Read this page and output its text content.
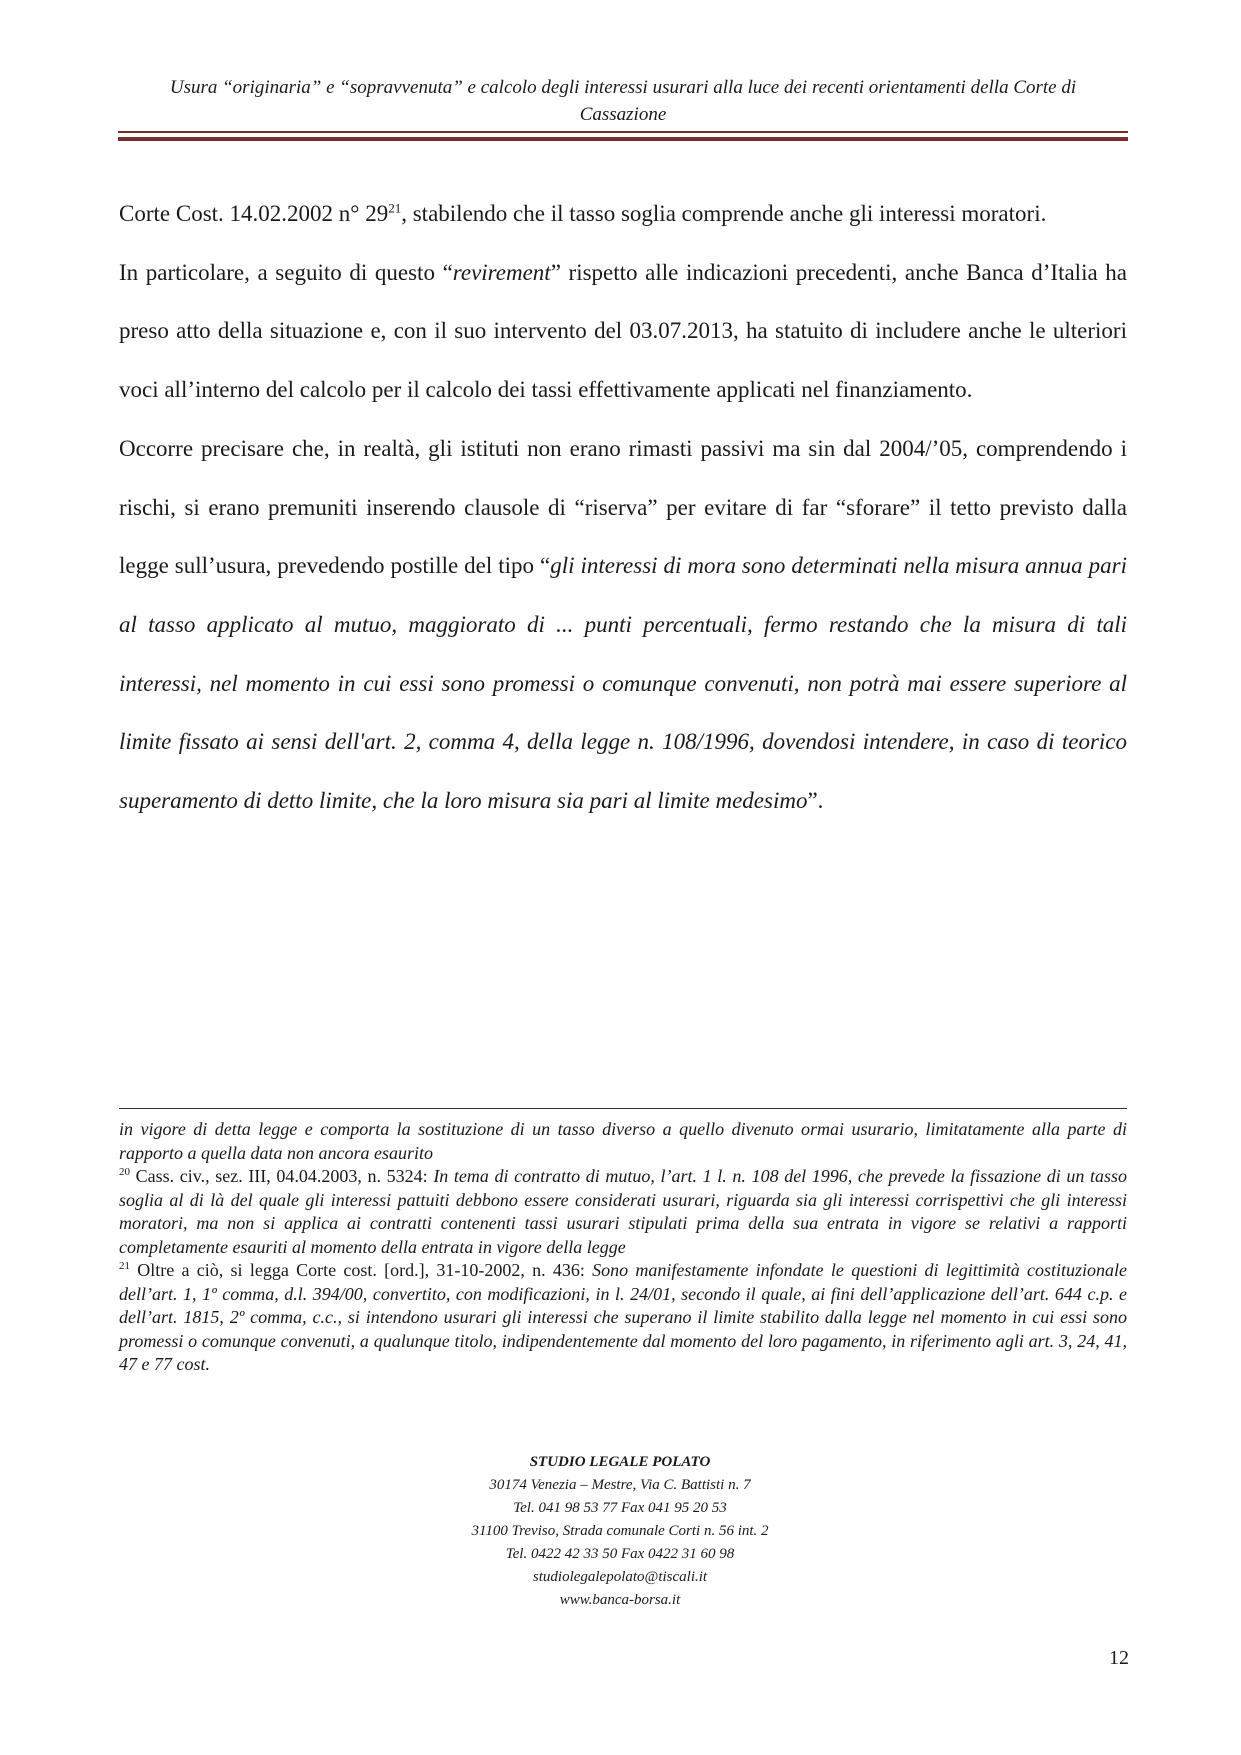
Usura “originaria” e “sopravvenuta” e calcolo degli interessi usurari alla luce dei recenti orientamenti della Corte di
Cassazione

Corte Cost. 14.02.2002 n° $29^{21}$, stabilendo che il tasso soglia comprende anche gli interessi moratori.

In particolare, a seguito di questo “revirement” rispetto alle indicazioni precedenti, anche Banca d’Italia ha preso atto della situazione e, con il suo intervento del 03.07.2013, ha statuito di includere anche le ulteriori voci all’interno del calcolo per il calcolo dei tassi effettivamente applicati nel finanziamento.

Occorre precisare che, in realtà, gli istituti non erano rimasti passivi ma sin dal 2004/’05, comprendendo i rischi, si erano premuniti inserendo clausole di “riserva” per evitare di far “sforare” il tetto previsto dalla legge sull’usura, prevedendo postille del tipo “gli interessi di mora sono determinati nella misura annua pari al tasso applicato al mutuo, maggiorato di ... punti percentuali, fermo restando che la misura di tali interessi, nel momento in cui essi sono promessi o comunque convenuti, non potrà mai essere superiore al limite fissato ai sensi dell'art. 2, comma 4, della legge n. 108/1996, dovendosi intendere, in caso di teorico superamento di detto limite, che la loro misura sia pari al limite medesimo”.

in vigore di detta legge e comporta la sostituzione di un tasso diverso a quello divenuto ormai usurario, limitatamente alla parte di rapporto a quella data non ancora esaurito

$^{20}$ Cass. civ., sez. III, 04.04.2003, n. 5324: In tema di contratto di mutuo, l’art. 1 l. n. 108 del 1996, che prevede la fissazione di un tasso soglia al di là del quale gli interessi pattuiti debbono essere considerati usurari, riguarda sia gli interessi corrispettivi che gli interessi moratori, ma non si applica ai contratti contenenti tassi usurari stipulati prima della sua entrata in vigore se relativi a rapporti completamente esauriti al momento della entrata in vigore della legge

$^{21}$ Oltre a ciò, si legga Corte cost. [ord.], 31-10-2002, n. 436: Sono manifestamente infondate le questioni di legittimità costituzionale dell’art. 1, 1º comma, d.l. 394/00, convertito, con modificazioni, in l. 24/01, secondo il quale, ai fini dell’applicazione dell’art. 644 c.p. e dell’art. 1815, 2º comma, c.c., si intendono usurari gli interessi che superano il limite stabilito dalla legge nel momento in cui essi sono promessi o comunque convenuti, a qualunque titolo, indipendentemente dal momento del loro pagamento, in riferimento agli art. 3, 24, 41, 47 e 77 cost.

STUDIO LEGALE POLATO
30174 Venezia – Mestre, Via C. Battisti n. 7
Tel. 041 98 53 77 Fax 041 95 20 53
31100 Treviso, Strada comunale Corti n. 56 int. 2
Tel. 0422 42 33 50 Fax 0422 31 60 98
studiolegalepolato@tiscali.it
www.banca-borsa.it
12
